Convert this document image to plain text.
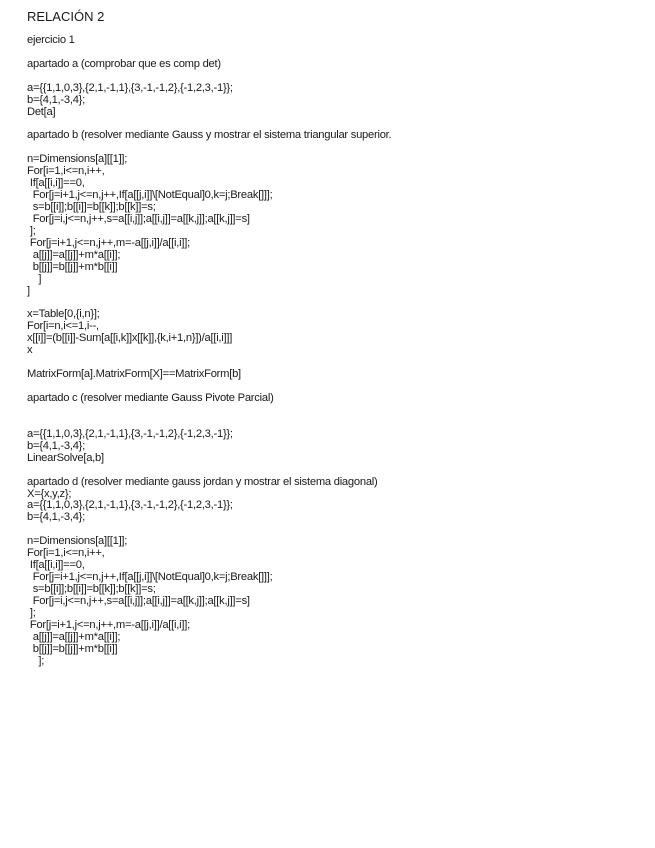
RELACIÓN 2
ejercicio 1
apartado a (comprobar que es comp det)
a={{1,1,0,3},{2,1,-1,1},{3,-1,-1,2},{-1,2,3,-1}};
b={4,1,-3,4};
Det[a]
apartado b (resolver mediante Gauss y mostrar el sistema triangular superior.
n=Dimensions[a][[1]];
For[i=1,i<=n,i++,
If[a[[i,i]]==0,
For[j=i+1,j<=n,j++,If[a[[j,i]]\[NotEqual]0,k=j;Break[]]];
s=b[[i]];b[[i]]=b[[k]];b[[k]]=s;
For[j=i,j<=n,j++,s=a[[i,j]];a[[i,j]]=a[[k,j]];a[[k,j]]=s]
];
For[j=i+1,j<=n,j++,m=-a[[j,i]]/a[[i,i]];
a[[j]]=a[[j]]+m*a[[i]];
b[[j]]=b[[j]]+m*b[[i]]
]
]
x=Table[0,{i,n}];
For[i=n,i<=1,i--,
x[[i]]=(b[[i]]-Sum[a[[i,k]]x[[k]],{k,i+1,n}])/a[[i,i]]]
x
MatrixForm[a].MatrixForm[X]==MatrixForm[b]
apartado c (resolver mediante Gauss Pivote Parcial)
a={{1,1,0,3},{2,1,-1,1},{3,-1,-1,2},{-1,2,3,-1}};
b={4,1,-3,4};
LinearSolve[a,b]
apartado d (resolver mediante gauss jordan y mostrar el sistema diagonal)
X={x,y,z};
a={{1,1,0,3},{2,1,-1,1},{3,-1,-1,2},{-1,2,3,-1}};
b={4,1,-3,4};
n=Dimensions[a][[1]];
For[i=1,i<=n,i++,
If[a[[i,i]]==0,
For[j=i+1,j<=n,j++,If[a[[j,i]]\[NotEqual]0,k=j;Break[]]];
s=b[[i]];b[[i]]=b[[k]];b[[k]]=s;
For[j=i,j<=n,j++,s=a[[i,j]];a[[i,j]]=a[[k,j]];a[[k,j]]=s]
];
For[j=i+1,j<=n,j++,m=-a[[j,i]]/a[[i,i]];
a[[j]]=a[[j]]+m*a[[i]];
b[[j]]=b[[j]]+m*b[[i]]
];
